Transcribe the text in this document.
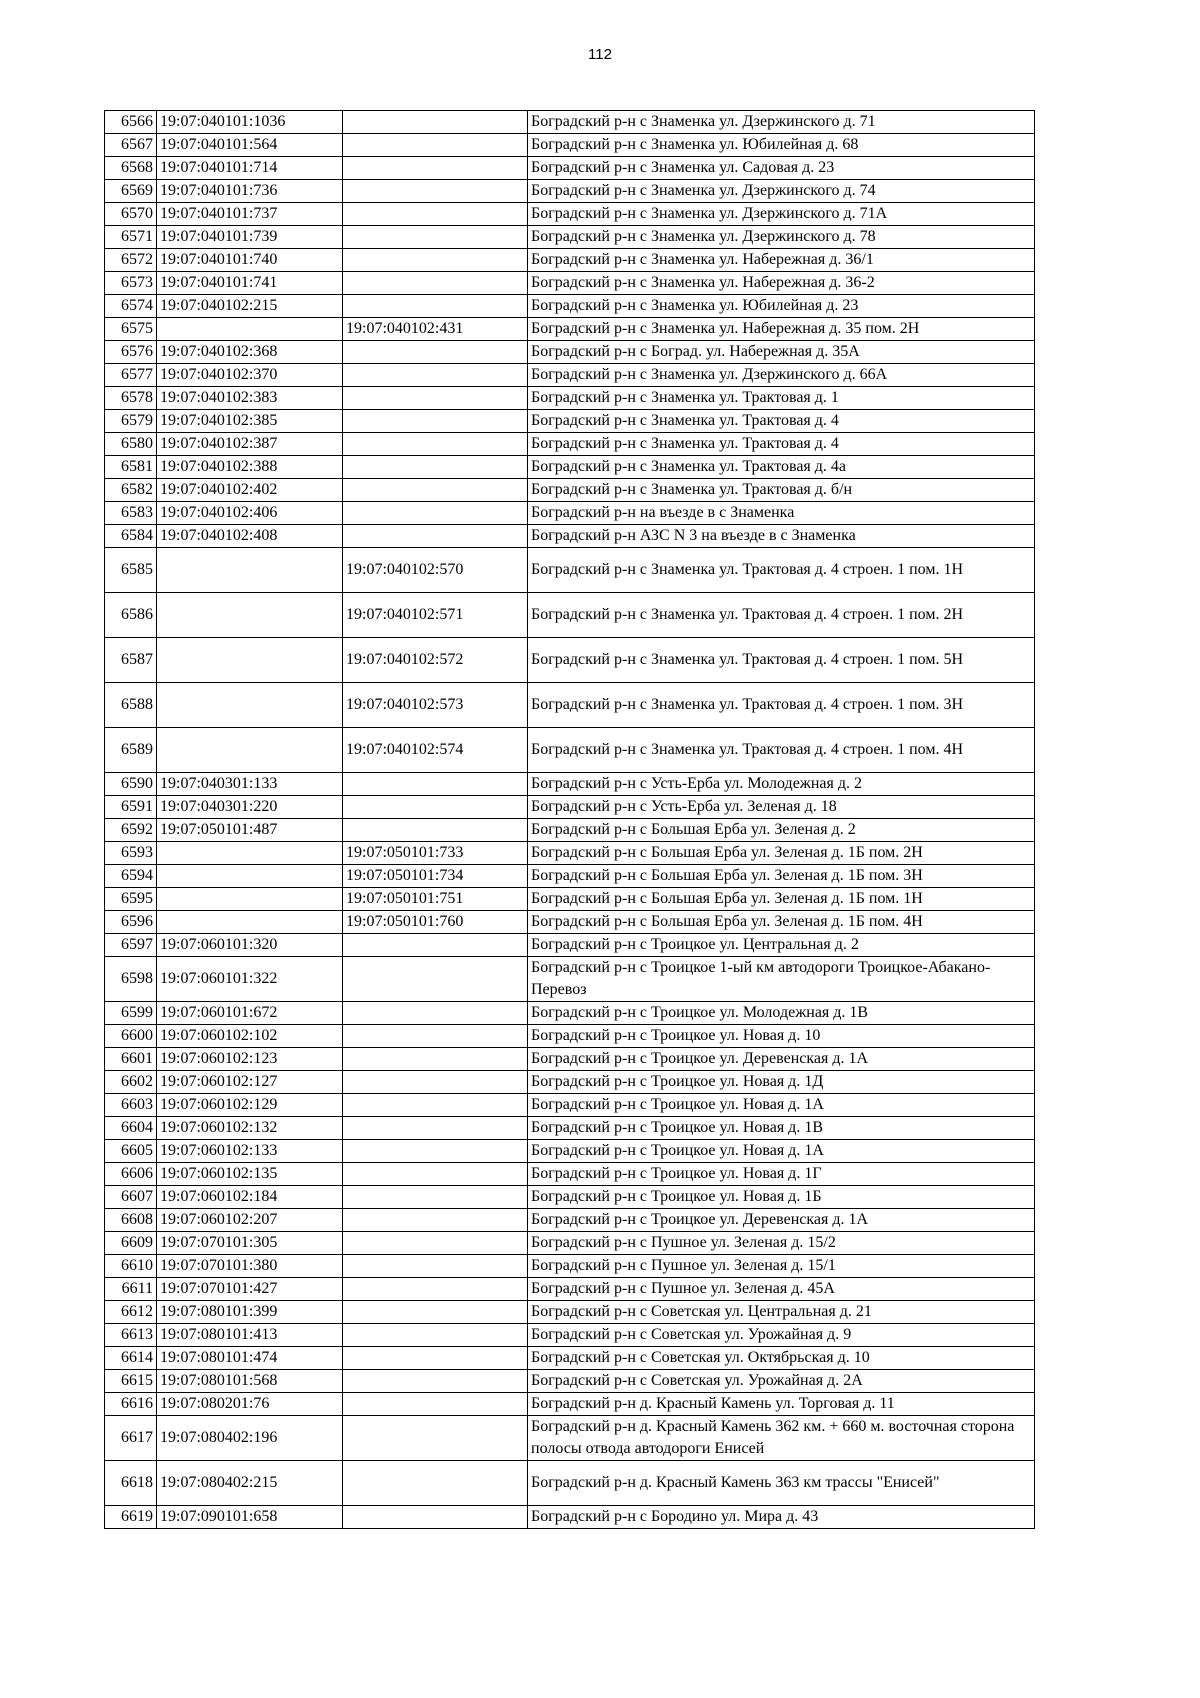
112
6566	19:07:040101:1036		Боградский р-н с Знаменка ул. Дзержинского д. 71
6567	19:07:040101:564		Боградский р-н с Знаменка ул. Юбилейная д. 68
6568	19:07:040101:714		Боградский р-н с Знаменка ул. Садовая д. 23
6569	19:07:040101:736		Боградский р-н с Знаменка ул. Дзержинского д. 74
6570	19:07:040101:737		Боградский р-н с Знаменка ул. Дзержинского д. 71А
6571	19:07:040101:739		Боградский р-н с Знаменка ул. Дзержинского д. 78
6572	19:07:040101:740		Боградский р-н с Знаменка ул. Набережная д. 36/1
6573	19:07:040101:741		Боградский р-н с Знаменка ул. Набережная д. 36-2
6574	19:07:040102:215		Боградский р-н с Знаменка ул. Юбилейная д. 23
6575		19:07:040102:431	Боградский р-н с Знаменка ул. Набережная д. 35 пом. 2Н
6576	19:07:040102:368		Боградский р-н с Боград. ул. Набережная д. 35А
6577	19:07:040102:370		Боградский р-н с Знаменка ул. Дзержинского д. 66А
6578	19:07:040102:383		Боградский р-н с Знаменка ул. Трактовая д. 1
6579	19:07:040102:385		Боградский р-н с Знаменка ул. Трактовая д. 4
6580	19:07:040102:387		Боградский р-н с Знаменка ул. Трактовая д. 4
6581	19:07:040102:388		Боградский р-н с Знаменка ул. Трактовая д. 4а
6582	19:07:040102:402		Боградский р-н с Знаменка ул. Трактовая д. б/н
6583	19:07:040102:406		Боградский р-н на въезде в с Знаменка
6584	19:07:040102:408		Боградский р-н АЗС N 3 на въезде в с Знаменка
6585		19:07:040102:570	Боградский р-н с Знаменка ул. Трактовая д. 4 строен. 1 пом. 1Н
6586		19:07:040102:571	Боградский р-н с Знаменка ул. Трактовая д. 4 строен. 1 пом. 2Н
6587		19:07:040102:572	Боградский р-н с Знаменка ул. Трактовая д. 4 строен. 1 пом. 5Н
6588		19:07:040102:573	Боградский р-н с Знаменка ул. Трактовая д. 4 строен. 1 пом. 3Н
6589		19:07:040102:574	Боградский р-н с Знаменка ул. Трактовая д. 4 строен. 1 пом. 4Н
6590	19:07:040301:133		Боградский р-н с Усть-Ерба ул. Молодежная д. 2
6591	19:07:040301:220		Боградский р-н с Усть-Ерба ул. Зеленая д. 18
6592	19:07:050101:487		Боградский р-н с Большая Ерба ул. Зеленая д. 2
6593		19:07:050101:733	Боградский р-н с Большая Ерба ул. Зеленая д. 1Б пом. 2Н
6594		19:07:050101:734	Боградский р-н с Большая Ерба ул. Зеленая д. 1Б пом. 3Н
6595		19:07:050101:751	Боградский р-н с Большая Ерба ул. Зеленая д. 1Б пом. 1Н
6596		19:07:050101:760	Боградский р-н с Большая Ерба ул. Зеленая д. 1Б пом. 4Н
6597	19:07:060101:320		Боградский р-н с Троицкое ул. Центральная д. 2
6598	19:07:060101:322		Боградский р-н с Троицкое 1-ый км автодороги Троицкое-Абакано-Перевоз
6599	19:07:060101:672		Боградский р-н с Троицкое ул. Молодежная д. 1В
6600	19:07:060102:102		Боградский р-н с Троицкое ул. Новая д. 10
6601	19:07:060102:123		Боградский р-н с Троицкое ул. Деревенская д. 1А
6602	19:07:060102:127		Боградский р-н с Троицкое ул. Новая д. 1Д
6603	19:07:060102:129		Боградский р-н с Троицкое ул. Новая д. 1А
6604	19:07:060102:132		Боградский р-н с Троицкое ул. Новая д. 1В
6605	19:07:060102:133		Боградский р-н с Троицкое ул. Новая д. 1А
6606	19:07:060102:135		Боградский р-н с Троицкое ул. Новая д. 1Г
6607	19:07:060102:184		Боградский р-н с Троицкое ул. Новая д. 1Б
6608	19:07:060102:207		Боградский р-н с Троицкое ул. Деревенская д. 1А
6609	19:07:070101:305		Боградский р-н с Пушное ул. Зеленая д. 15/2
6610	19:07:070101:380		Боградский р-н с Пушное ул. Зеленая д. 15/1
6611	19:07:070101:427		Боградский р-н с Пушное ул. Зеленая д. 45А
6612	19:07:080101:399		Боградский р-н с Советская ул. Центральная д. 21
6613	19:07:080101:413		Боградский р-н с Советская ул. Урожайная д. 9
6614	19:07:080101:474		Боградский р-н с Советская ул. Октябрьская д. 10
6615	19:07:080101:568		Боградский р-н с Советская ул. Урожайная д. 2А
6616	19:07:080201:76		Боградский р-н д. Красный Камень ул. Торговая д. 11
6617	19:07:080402:196		Боградский р-н д. Красный Камень 362 км. + 660 м. восточная сторона полосы отвода автодороги Енисей
6618	19:07:080402:215		Боградский р-н д. Красный Камень 363 км трассы "Енисей"
6619	19:07:090101:658		Боградский р-н с Бородино ул. Мира д. 43
